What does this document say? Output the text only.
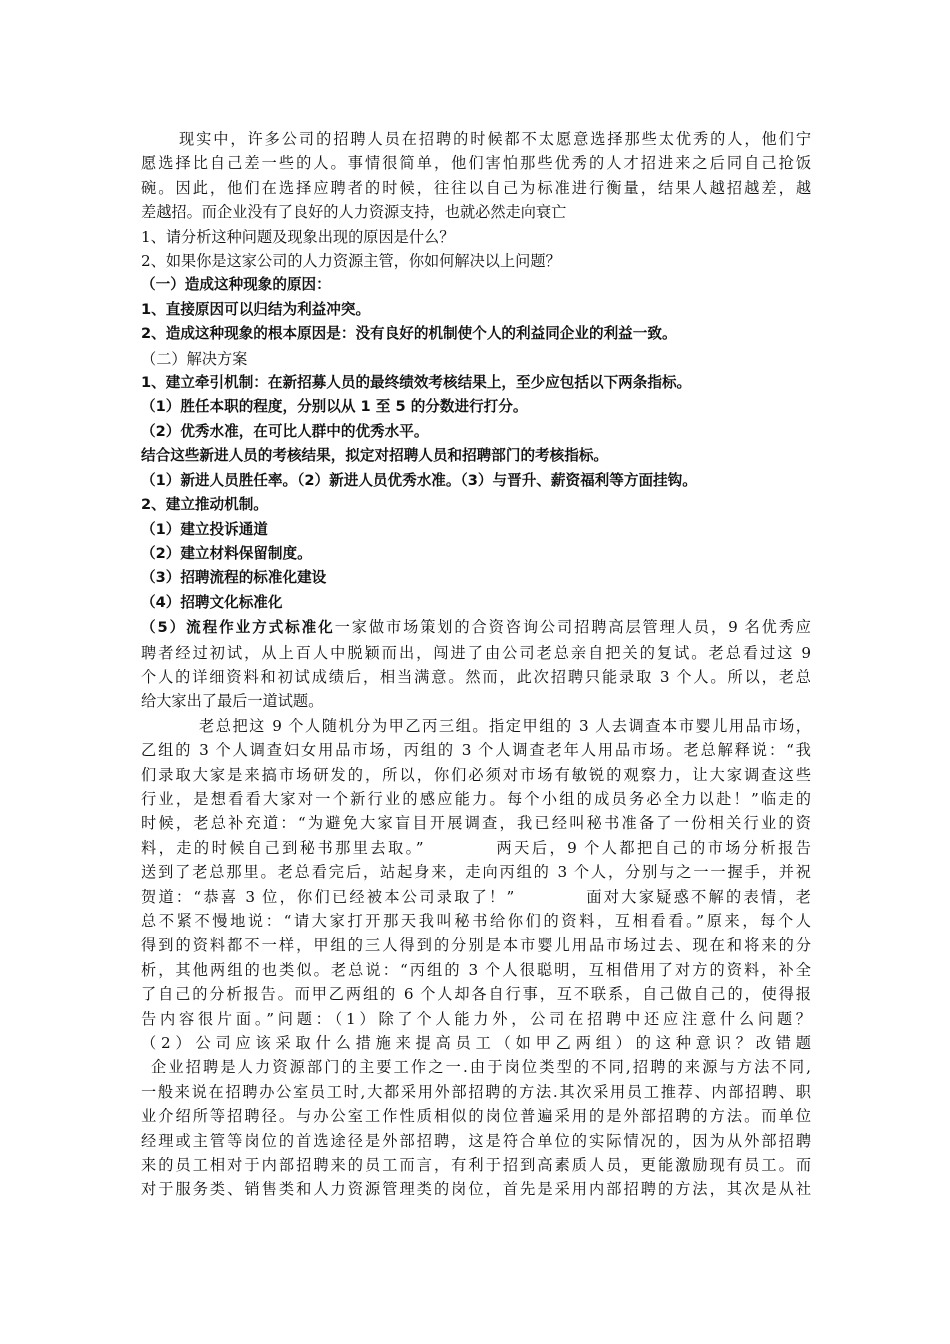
现实中，许多公司的招聘人员在招聘的时候都不太愿意选择那些太优秀的人，他们宁
愿选择比自己差一些的人。事情很简单，他们害怕那些优秀的人才招进来之后同自己抢饭
碗。因此，他们在选择应聘者的时候，往往以自己为标准进行衡量，结果人越招越差，越
差越招。而企业没有了良好的人力资源支持，也就必然走向衰亡
1、请分析这种问题及现象出现的原因是什么？
2、如果你是这家公司的人力资源主管，你如何解决以上问题？
（一）造成这种现象的原因：
1、直接原因可以归结为利益冲突。
2、造成这种现象的根本原因是：没有良好的机制使个人的利益同企业的利益一致。
（二）解决方案
1、建立牵引机制：在新招募人员的最终绩效考核结果上，至少应包括以下两条指标。
（1）胜任本职的程度，分别以从 1 至 5 的分数进行打分。
（2）优秀水准，在可比人群中的优秀水平。
结合这些新进人员的考核结果，拟定对招聘人员和招聘部门的考核指标。
（1）新进人员胜任率。（2）新进人员优秀水准。（3）与晋升、薪资福利等方面挂钩。
2、建立推动机制。
（1）建立投诉通道
（2）建立材料保留制度。
（3）招聘流程的标准化建设
（4）招聘文化标准化
（5）流程作业方式标准化一家做市场策划的合资咨询公司招聘高层管理人员，9 名优秀应
聘者经过初试，从上百人中脱颖而出，闯进了由公司老总亲自把关的复试。老总看过这 9
个人的详细资料和初试成绩后，相当满意。然而，此次招聘只能录取 3 个人。所以，老总
给大家出了最后一道试题。
老总把这 9 个人随机分为甲乙丙三组。指定甲组的 3 人去调查本市婴儿用品市场，
乙组的 3 个人调查妇女用品市场，丙组的 3 个人调查老年人用品市场。老总解释说：“我
们录取大家是来搞市场研发的，所以，你们必须对市场有敏锐的观察力，让大家调查这些
行业，是想看看大家对一个新行业的感应能力。每个小组的成员务必全力以赴！”临走的
时候，老总补充道：“为避免大家盲目开展调查，我已经叫秘书准备了一份相关行业的资
料，走的时候自己到秘书那里去取。”　　　　两天后，9 个人都把自己的市场分析报告
送到了老总那里。老总看完后，站起身来，走向丙组的 3 个人，分别与之一一握手，并祝
贺道：“恭喜 3 位，你们已经被本公司录取了！”　　　　面对大家疑惑不解的表情，老
总不紧不慢地说：“请大家打开那天我叫秘书给你们的资料，互相看看。”原来，每个人
得到的资料都不一样，甲组的三人得到的分别是本市婴儿用品市场过去、现在和将来的分
析，其他两组的也类似。老总说：“丙组的 3 个人很聪明，互相借用了对方的资料，补全
了自己的分析报告。而甲乙两组的 6 个人却各自行事，互不联系，自己做自己的，使得报
告内容很片面。”问题：（1）除了个人能力外，公司在招聘中还应注意什么问题？
（2）公司应该采取什么措施来提高员工（如甲乙两组）的这种意识？改错题
企业招聘是人力资源部门的主要工作之一.由于岗位类型的不同,招聘的来源与方法不同,
一般来说在招聘办公室员工时,大都采用外部招聘的方法.其次采用员工推荐、内部招聘、职
业介绍所等招聘径。与办公室工作性质相似的岗位普遍采用的是外部招聘的方法。而单位
经理或主管等岗位的首选途径是外部招聘，这是符合单位的实际情况的，因为从外部招聘
来的员工相对于内部招聘来的员工而言，有利于招到高素质人员，更能激励现有员工。而
对于服务类、销售类和人力资源管理类的岗位，首先是采用内部招聘的方法，其次是从社
